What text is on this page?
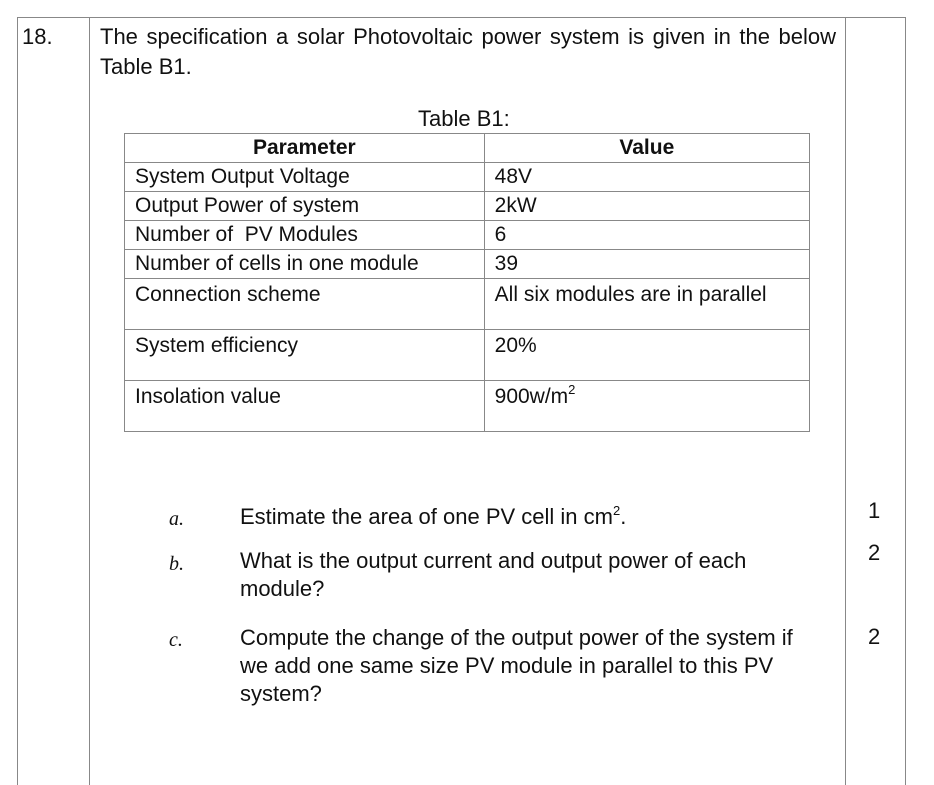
18. The specification a solar Photovoltaic power system is given in the below Table B1.
Table B1:
Parameter	Value
System Output Voltage	48V
Output Power of system	2kW
Number of  PV Modules	6
Number of cells in one module	39
Connection scheme	All six modules are in parallel
System efficiency	20%
Insolation value	$900w/m^2$
a.	Estimate the area of one PV cell in $cm^2$.	1
b.	What is the output current and output power of each module?
2
c.	Compute the change of the output power of the system if we add one same size PV module in parallel to this PV system?
2
